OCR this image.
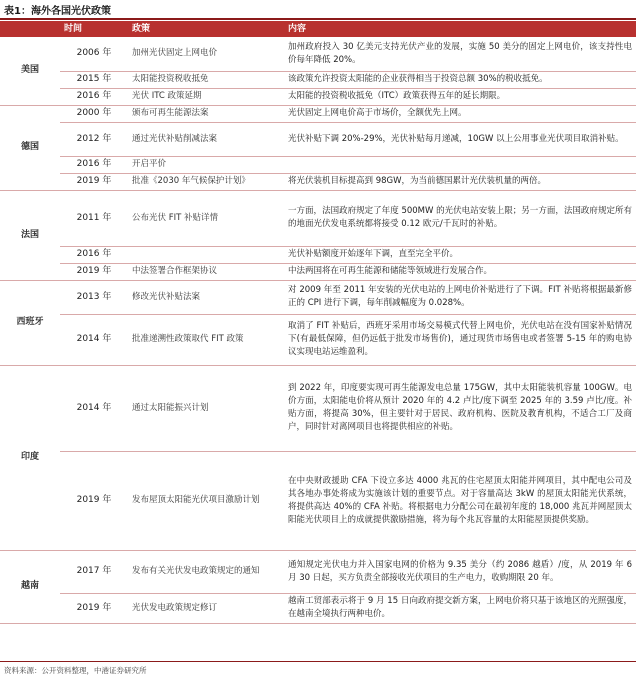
表1：海外各国光伏政策
	时间	政策	内容
美国	2006 年	加州光伏固定上网电价	加州政府投入 30 亿美元支持光伏产业的发展，实施 50 美分的固定上网电价，该支持性电价每年降低 20%。
	2015 年	太阳能投资税收抵免	该政策允许投资太阳能的企业获得相当于投资总额 30%的税收抵免。
	2016 年	光伏 ITC 政策延期	太阳能的投资税收抵免（ITC）政策获得五年的延长期限。
德国	2000 年	颁布可再生能源法案	光伏固定上网电价高于市场价，全额优先上网。
	2012 年	通过光伏补贴削减法案	光伏补贴下调 20%-29%，光伏补贴每月递减，10GW 以上公用事业光伏项目取消补贴。
	2016 年	开启平价	
	2019 年	批准《2030 年气候保护计划》	将光伏装机目标提高到 98GW，为当前德国累计光伏装机量的两倍。
法国	2011 年	公布光伏 FIT 补贴详情	一方面，法国政府规定了年度 500MW 的光伏电站安装上限；另一方面，法国政府规定所有的地面光伏发电系统都将接受 0.12 欧元/千瓦时的补贴。
	2016 年		光伏补贴额度开始逐年下调，直至完全平价。
	2019 年	中法签署合作框架协议	中法两国将在可再生能源和储能等领域进行发展合作。
西班牙	2013 年	修改光伏补贴法案	对 2009 年至 2011 年安装的光伏电站的上网电价补贴进行了下调。FIT 补贴将根据最新修正的 CPI 进行下调，每年削减幅度为 0.028%。
	2014 年	批准递溯性政策取代 FIT 政策	取消了 FIT 补贴后，西班牙采用市场交易模式代替上网电价，光伏电站在没有国家补贴情况下(有最低保障，但仍远低于批发市场售价)，通过现货市场售电或者签署 5-15 年的购电协议实现电站运维盈利。
印度	2014 年	通过太阳能振兴计划	到 2022 年，印度要实现可再生能源发电总量 175GW，其中太阳能装机容量 100GW。电价方面，太阳能电价将从预计 2020 年的 4.2 卢比/度下调至 2025 年的 3.59 卢比/度。补贴方面，将提高 30%，但主要针对于居民、政府机构、医院及教育机构，不适合工厂及商户，同时针对离网项目也将提供相应的补贴。
	2019 年	发布屋顶太阳能光伏项目激励计划	在中央财政援助 CFA 下设立多达 4000 兆瓦的住宅屋顶太阳能并网项目，其中配电公司及其各地办事处将成为实施该计划的重要节点。对于容量高达 3kW 的屋顶太阳能光伏系统，将提供高达 40%的 CFA 补贴。将根据电力分配公司在最初年度的 18,000 兆瓦并网屋顶太阳能光伏项目上的成就提供激励措施，将为每个兆瓦容量的太阳能屋顶提供奖励。
越南	2017 年	发布有关光伏发电政策规定的通知	通知规定光伏电力并入国家电网的价格为 9.35 美分（约 2086 越盾）/度，从 2019 年 6 月 30 日起，买方负责全部接收光伏项目的生产电力，收购期限 20 年。
	2019 年	光伏发电政策规定修订	越南工贸部表示将于 9 月 15 日向政府提交新方案，上网电价将只基于该地区的光照强度，在越南全境执行两种电价。
资料来源：公开资料整理，中港证券研究所
